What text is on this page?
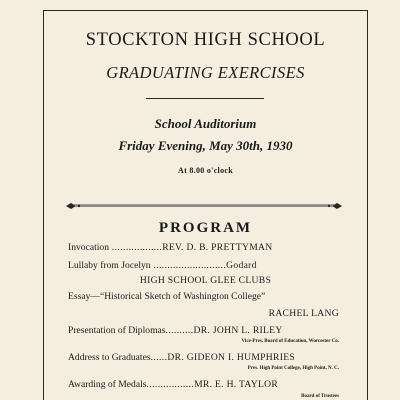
STOCKTON HIGH SCHOOL
GRADUATING EXERCISES
School Auditorium
Friday Evening, May 30th, 1930
At 8.00 o'clock
PROGRAM
Invocation ..................REV. D. B. PRETTYMAN
Lullaby from Jocelyn ..........................Godard
HIGH SCHOOL GLEE CLUBS
Essay—“Historical Sketch of Washington College”
RACHEL LANG
Presentation of Diplomas..........DR. JOHN L. RILEY
Vice-Pres. Board of Education, Worcester Co.
Address to Graduates......DR. GIDEON I. HUMPHRIES
Pres. High Point College, High Point, N. C.
Awarding of Medals.................MR. E. H. TAYLOR
Board of Trustees
